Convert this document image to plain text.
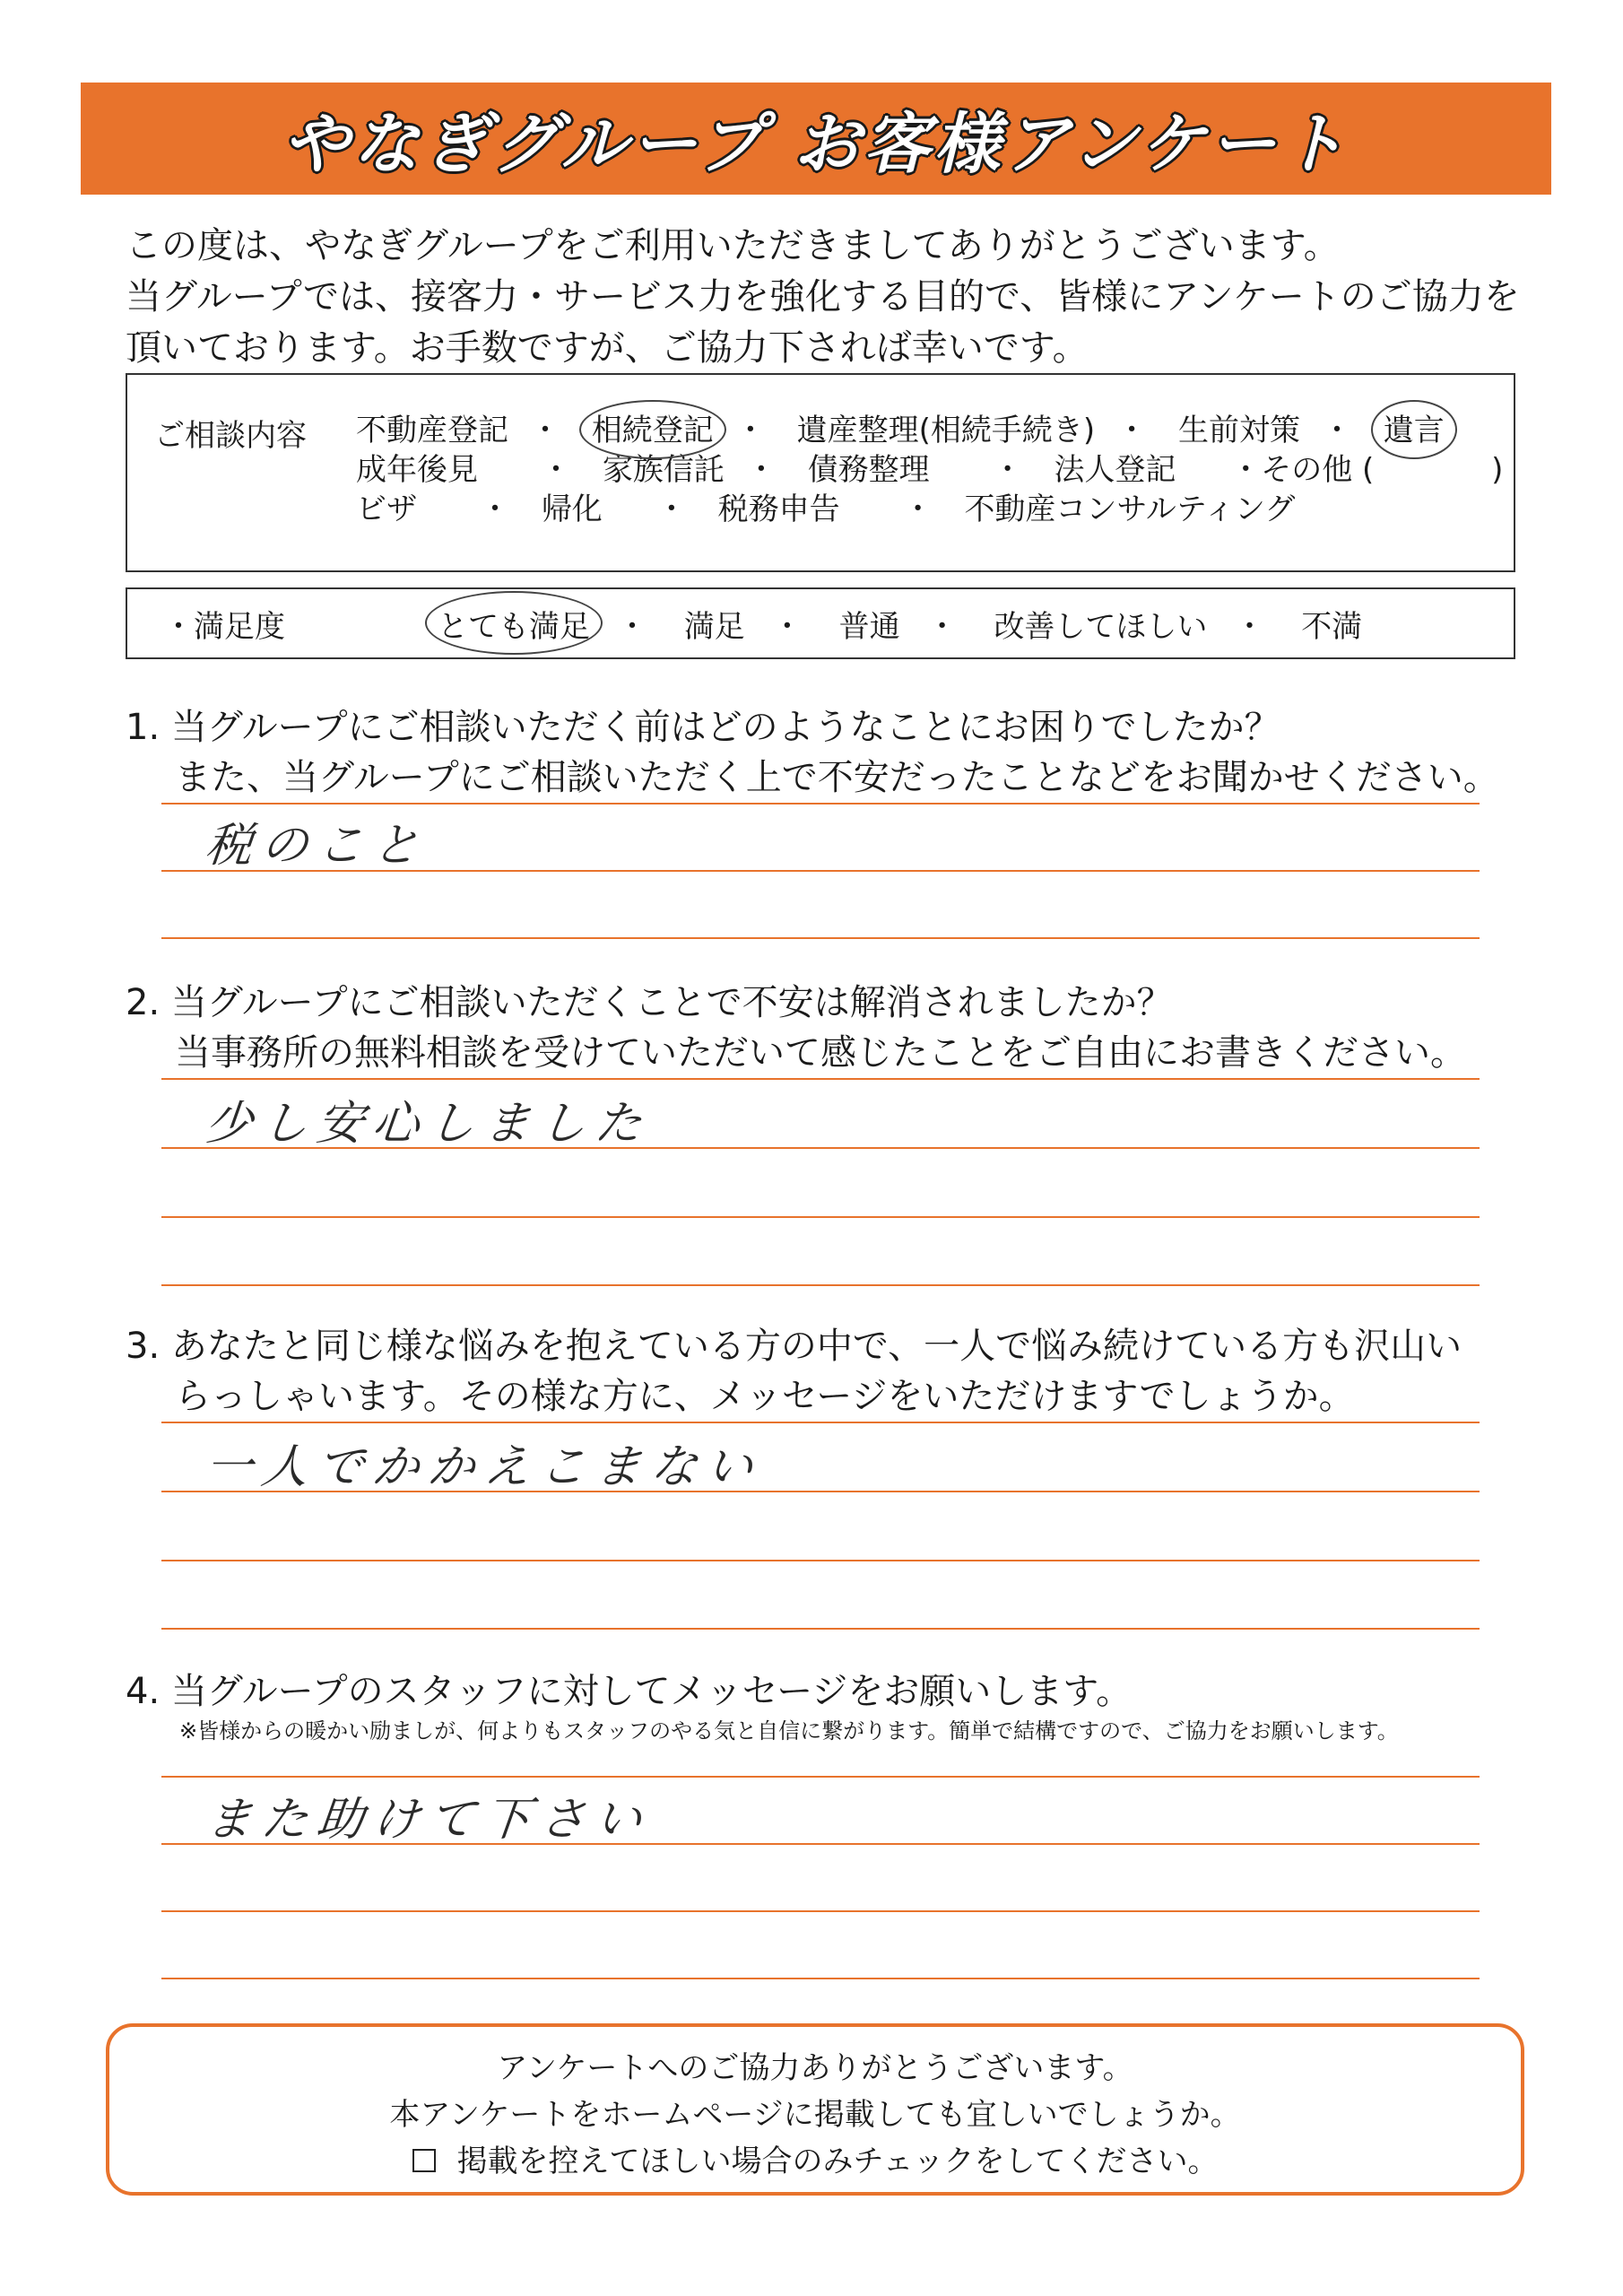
やなぎグループ お客様アンケート
この度は、やなぎグループをご利用いただきましてありがとうございます。
当グループでは、接客力・サービス力を強化する目的で、皆様にアンケートのご協力を
頂いております。お手数ですが、ご協力下されば幸いです。
ご相談内容 不動産登記 ・ 相続登記 ・ 遺産整理(相続手続き) ・ 生前対策 ・ 遺言
成年後見 ・ 家族信託 ・ 債務整理 ・ 法人登記 ・その他 (	)
ビザ ・ 帰化 ・ 税務申告 ・ 不動産コンサルティング
・満足度	とても満足 ・ 満足 ・ 普通 ・ 改善してほしい ・ 不満
1. 当グループにご相談いただく前はどのようなことにお困りでしたか？
また、当グループにご相談いただく上で不安だったことなどをお聞かせください。
税のこと
2. 当グループにご相談いただくことで不安は解消されましたか？
当事務所の無料相談を受けていただいて感じたことをご自由にお書きください。
少し安心しました
3. あなたと同じ様な悩みを抱えている方の中で、一人で悩み続けている方も沢山い
らっしゃいます。その様な方に、メッセージをいただけますでしょうか。
一人でかかえこまない
4. 当グループのスタッフに対してメッセージをお願いします。
※皆様からの暖かい励ましが、何よりもスタッフのやる気と自信に繋がります。簡単で結構ですので、ご協力をお願いします。
また助けて下さい
アンケートへのご協力ありがとうございます。
本アンケートをホームページに掲載しても宜しいでしょうか。
掲載を控えてほしい場合のみチェックをしてください。
